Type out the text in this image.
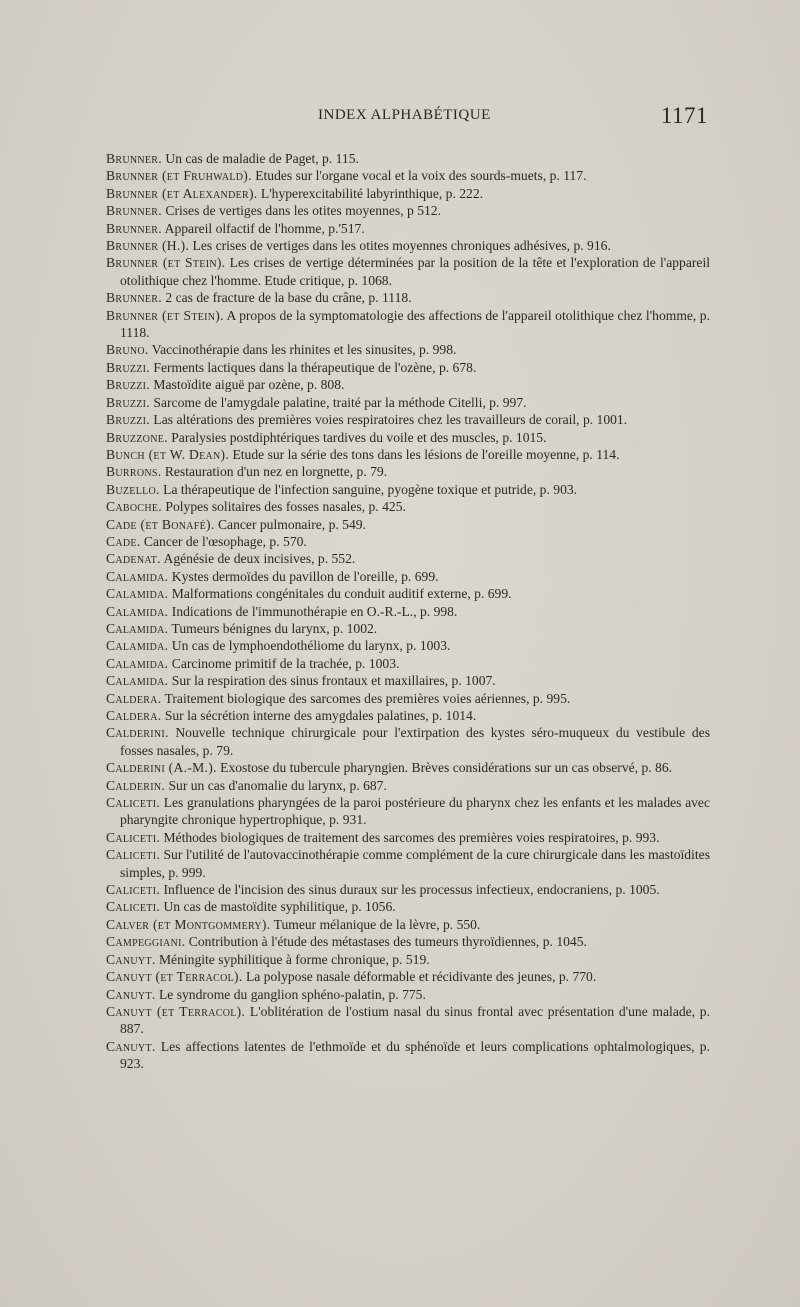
INDEX ALPHABÉTIQUE	1171

Brunner. Un cas de maladie de Paget, p. 115.

Brunner (et Fruhwald). Etudes sur l'organe vocal et la voix des sourds-muets, p. 117.

Brunner (et Alexander). L'hyperexcitabilité labyrinthique, p. 222.

Brunner. Crises de vertiges dans les otites moyennes, p 512.

Brunner. Appareil olfactif de l'homme, p.'517.

Brunner (H.). Les crises de vertiges dans les otites moyennes chroniques adhésives, p. 916.

Brunner (et Stein). Les crises de vertige déterminées par la position de la tête et l'exploration de l'appareil otolithique chez l'homme. Etude critique, p. 1068.

Brunner. 2 cas de fracture de la base du crâne, p. 1118.

Brunner (et Stein). A propos de la symptomatologie des affections de l'appareil otolithique chez l'homme, p. 1118.

Bruno. Vaccinothérapie dans les rhinites et les sinusites, p. 998.

Bruzzi. Ferments lactiques dans la thérapeutique de l'ozène, p. 678.

Bruzzi. Mastoïdite aiguë par ozène, p. 808.

Bruzzi. Sarcome de l'amygdale palatine, traité par la méthode Citelli, p. 997.

Bruzzi. Las altérations des premières voies respiratoires chez les travailleurs de corail, p. 1001.

Bruzzone. Paralysies postdiphtériques tardives du voile et des muscles, p. 1015.

Bunch (et W. Dean). Etude sur la série des tons dans les lésions de l'oreille moyenne, p. 114.

Burrons. Restauration d'un nez en lorgnette, p. 79.

Buzello. La thérapeutique de l'infection sanguine, pyogène toxique et putride, p. 903.

Caboche. Polypes solitaires des fosses nasales, p. 425.

Cade (et Bonafé). Cancer pulmonaire, p. 549.

Cade. Cancer de l'œsophage, p. 570.

Cadenat. Agénésie de deux incisives, p. 552.

Calamida. Kystes dermoïdes du pavillon de l'oreille, p. 699.

Calamida. Malformations congénitales du conduit auditif externe, p. 699.

Calamida. Indications de l'immunothérapie en O.-R.-L., p. 998.

Calamida. Tumeurs bénignes du larynx, p. 1002.

Calamida. Un cas de lymphoendothéliome du larynx, p. 1003.

Calamida. Carcinome primitif de la trachée, p. 1003.

Calamida. Sur la respiration des sinus frontaux et maxillaires, p. 1007.

Caldera. Traitement biologique des sarcomes des premières voies aériennes, p. 995.

Caldera. Sur la sécrétion interne des amygdales palatines, p. 1014.

Calderini. Nouvelle technique chirurgicale pour l'extirpation des kystes séro-muqueux du vestibule des fosses nasales, p. 79.

Calderini (A.-M.). Exostose du tubercule pharyngien. Brèves considérations sur un cas observé, p. 86.

Calderin. Sur un cas d'anomalie du larynx, p. 687.

Caliceti. Les granulations pharyngées de la paroi postérieure du pharynx chez les enfants et les malades avec pharyngite chronique hypertrophique, p. 931.

Caliceti. Méthodes biologiques de traitement des sarcomes des premières voies respiratoires, p. 993.

Caliceti. Sur l'utilité de l'autovaccinothérapie comme complément de la cure chirurgicale dans les mastoïdites simples, p. 999.

Caliceti. Influence de l'incision des sinus duraux sur les processus infectieux, endocraniens, p. 1005.

Caliceti. Un cas de mastoïdite syphilitique, p. 1056.

Calver (et Montgommery). Tumeur mélanique de la lèvre, p. 550.

Campeggiani. Contribution à l'étude des métastases des tumeurs thyroïdiennes, p. 1045.

Canuyt. Méningite syphilitique à forme chronique, p. 519.

Canuyt (et Terracol). La polypose nasale déformable et récidivante des jeunes, p. 770.

Canuyt. Le syndrome du ganglion sphéno-palatin, p. 775.

Canuyt (et Terracol). L'oblitération de l'ostium nasal du sinus frontal avec présentation d'une malade, p. 887.

Canuyt. Les affections latentes de l'ethmoïde et du sphénoïde et leurs complications ophtalmologiques, p. 923.
